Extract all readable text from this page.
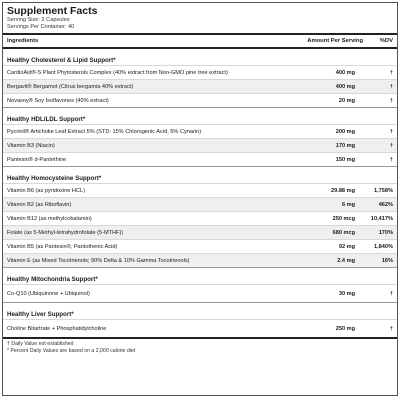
Supplement Facts
Serving Size: 2 Capsules
Servings Per Container: 40
Ingredients	Amount Per Serving	%DV
Healthy Cholesterol & Lipid Support*
CardioAid®-S Plant Phytosterols Complex (40% extract from Non-GMO pine tree extract)	400 mg	†
Bergavit® Bergamot (Citrus bergamia 40% extract)	400 mg	†
Novasoy® Soy Isoflavones (40% extract)	20 mg	†
Healthy HDL/LDL Support*
Pycrinil® Artichoke Leaf Extract 5% (STD: 15% Chlorogenic Acid, 5% Cynarin)	200 mg	†
Vitamin B3 (Niacin)	170 mg	†
Pantesin® d-Pantethine	150 mg	†
Healthy Homocysteine Support*
Vitamin B6 (as pyridoxine HCL)	29.88 mg	1,758%
Vitamin B2 (as Riboflavin)	6 mg	462%
Vitamin B12 (as methylcobalamin)	250 mcg	10,417%
Folate (as 5-Methyl-tetrahydrofolate (5-MTHF))	680 mcg	170%
Vitamin B5 (as Pantesin®, Pantothenic Acid)	92 mg	1,840%
Vitamin E (as Mixed Tocotrienols; 90% Delta & 10% Gamma Tocotrienols)	2.4 mg	16%
Healthy Mitochondria Support*
Co-Q10 (Ubiquinone + Ubiquinol)	30 mg	†
Healthy Liver Support*
Choline Bitartrate + Phosphatidylcholine	250 mg	†
† Daily Value not established
* Percent Daily Values are based on a 2,000 calorie diet
